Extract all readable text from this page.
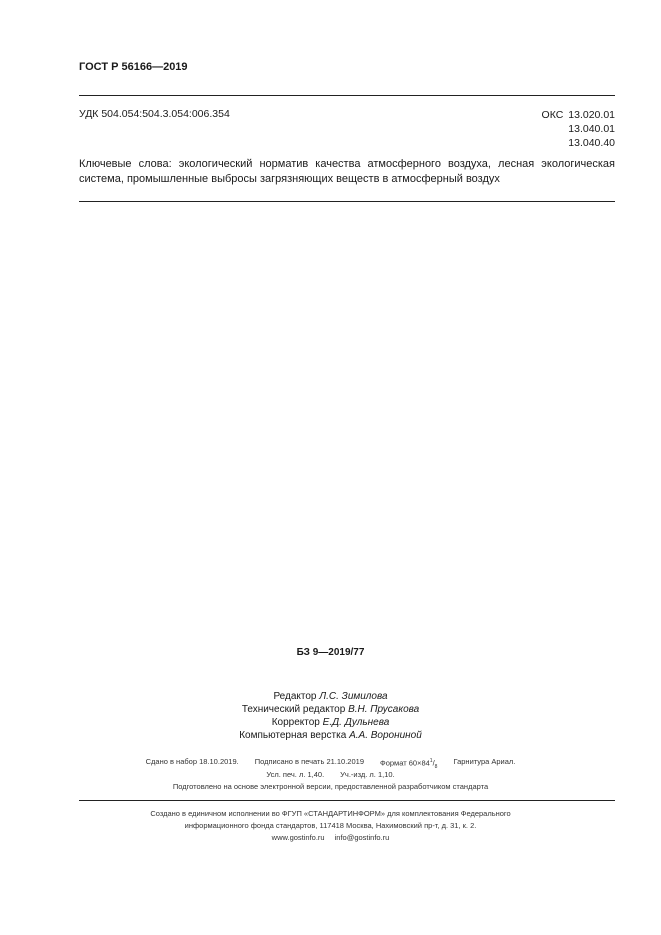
ГОСТ Р 56166—2019
УДК 504.054:504.3.054:006.354	ОКС 13.020.01
13.040.01
13.040.40
Ключевые слова: экологический норматив качества атмосферного воздуха, лесная экологическая система, промышленные выбросы загрязняющих веществ в атмосферный воздух
БЗ 9—2019/77
Редактор Л.С. Зимилова
Технический редактор В.Н. Прусакова
Корректор Е.Д. Дульнева
Компьютерная верстка А.А. Ворониной
Сдано в набор 18.10.2019. Подписано в печать 21.10.2019 Формат $60\times 84^1/_8$
Гарнитура Ариал.
Усл. печ. л. 1,40. Уч.-изд. л. 1,10.
Подготовлено на основе электронной версии, предоставленной разработчиком стандарта
Создано в единичном исполнении во ФГУП «СТАНДАРТИНФОРМ» для комплектования Федерального
информационного фонда стандартов, 117418 Москва, Нахимовский пр-т, д. 31, к. 2.
www.gostinfo.ru info@gostinfo.ru
